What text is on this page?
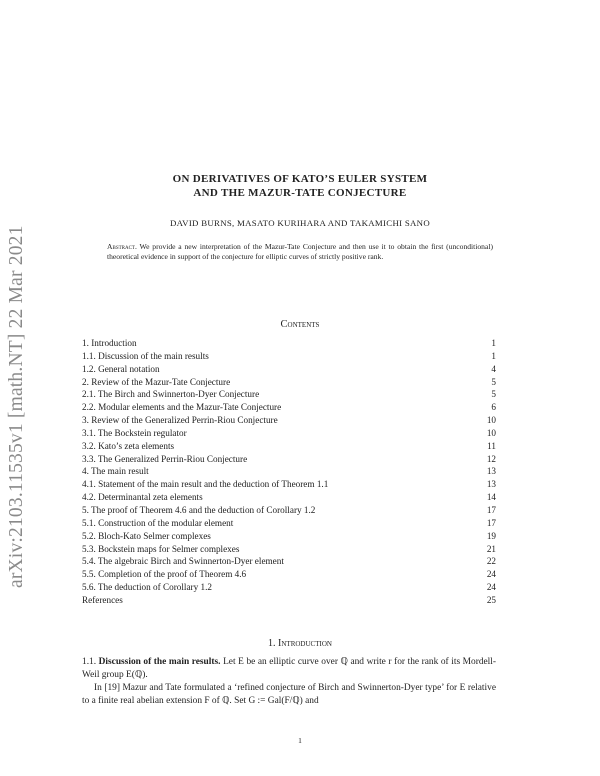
arXiv:2103.11535v1 [math.NT] 22 Mar 2021
ON DERIVATIVES OF KATO’S EULER SYSTEM
AND THE MAZUR-TATE CONJECTURE
DAVID BURNS, MASATO KURIHARA AND TAKAMICHI SANO
Abstract. We provide a new interpretation of the Mazur-Tate Conjecture and then use it to obtain the first (unconditional) theoretical evidence in support of the conjecture for elliptic curves of strictly positive rank.
Contents
1. Introduction	1
1.1. Discussion of the main results	1
1.2. General notation	4
2. Review of the Mazur-Tate Conjecture	5
2.1. The Birch and Swinnerton-Dyer Conjecture	5
2.2. Modular elements and the Mazur-Tate Conjecture	6
3. Review of the Generalized Perrin-Riou Conjecture	10
3.1. The Bockstein regulator	10
3.2. Kato’s zeta elements	11
3.3. The Generalized Perrin-Riou Conjecture	12
4. The main result	13
4.1. Statement of the main result and the deduction of Theorem 1.1	13
4.2. Determinantal zeta elements	14
5. The proof of Theorem 4.6 and the deduction of Corollary 1.2	17
5.1. Construction of the modular element	17
5.2. Bloch-Kato Selmer complexes	19
5.3. Bockstein maps for Selmer complexes	21
5.4. The algebraic Birch and Swinnerton-Dyer element	22
5.5. Completion of the proof of Theorem 4.6	24
5.6. The deduction of Corollary 1.2	24
References	25
1. Introduction

1.1. Discussion of the main results. Let E be an elliptic curve over ℚ and write r for the rank of its Mordell-Weil group E(ℚ).

In [19] Mazur and Tate formulated a ‘refined conjecture of Birch and Swinnerton-Dyer type’ for E relative to a finite real abelian extension F of ℚ. Set G := Gal(F/ℚ) and

1
